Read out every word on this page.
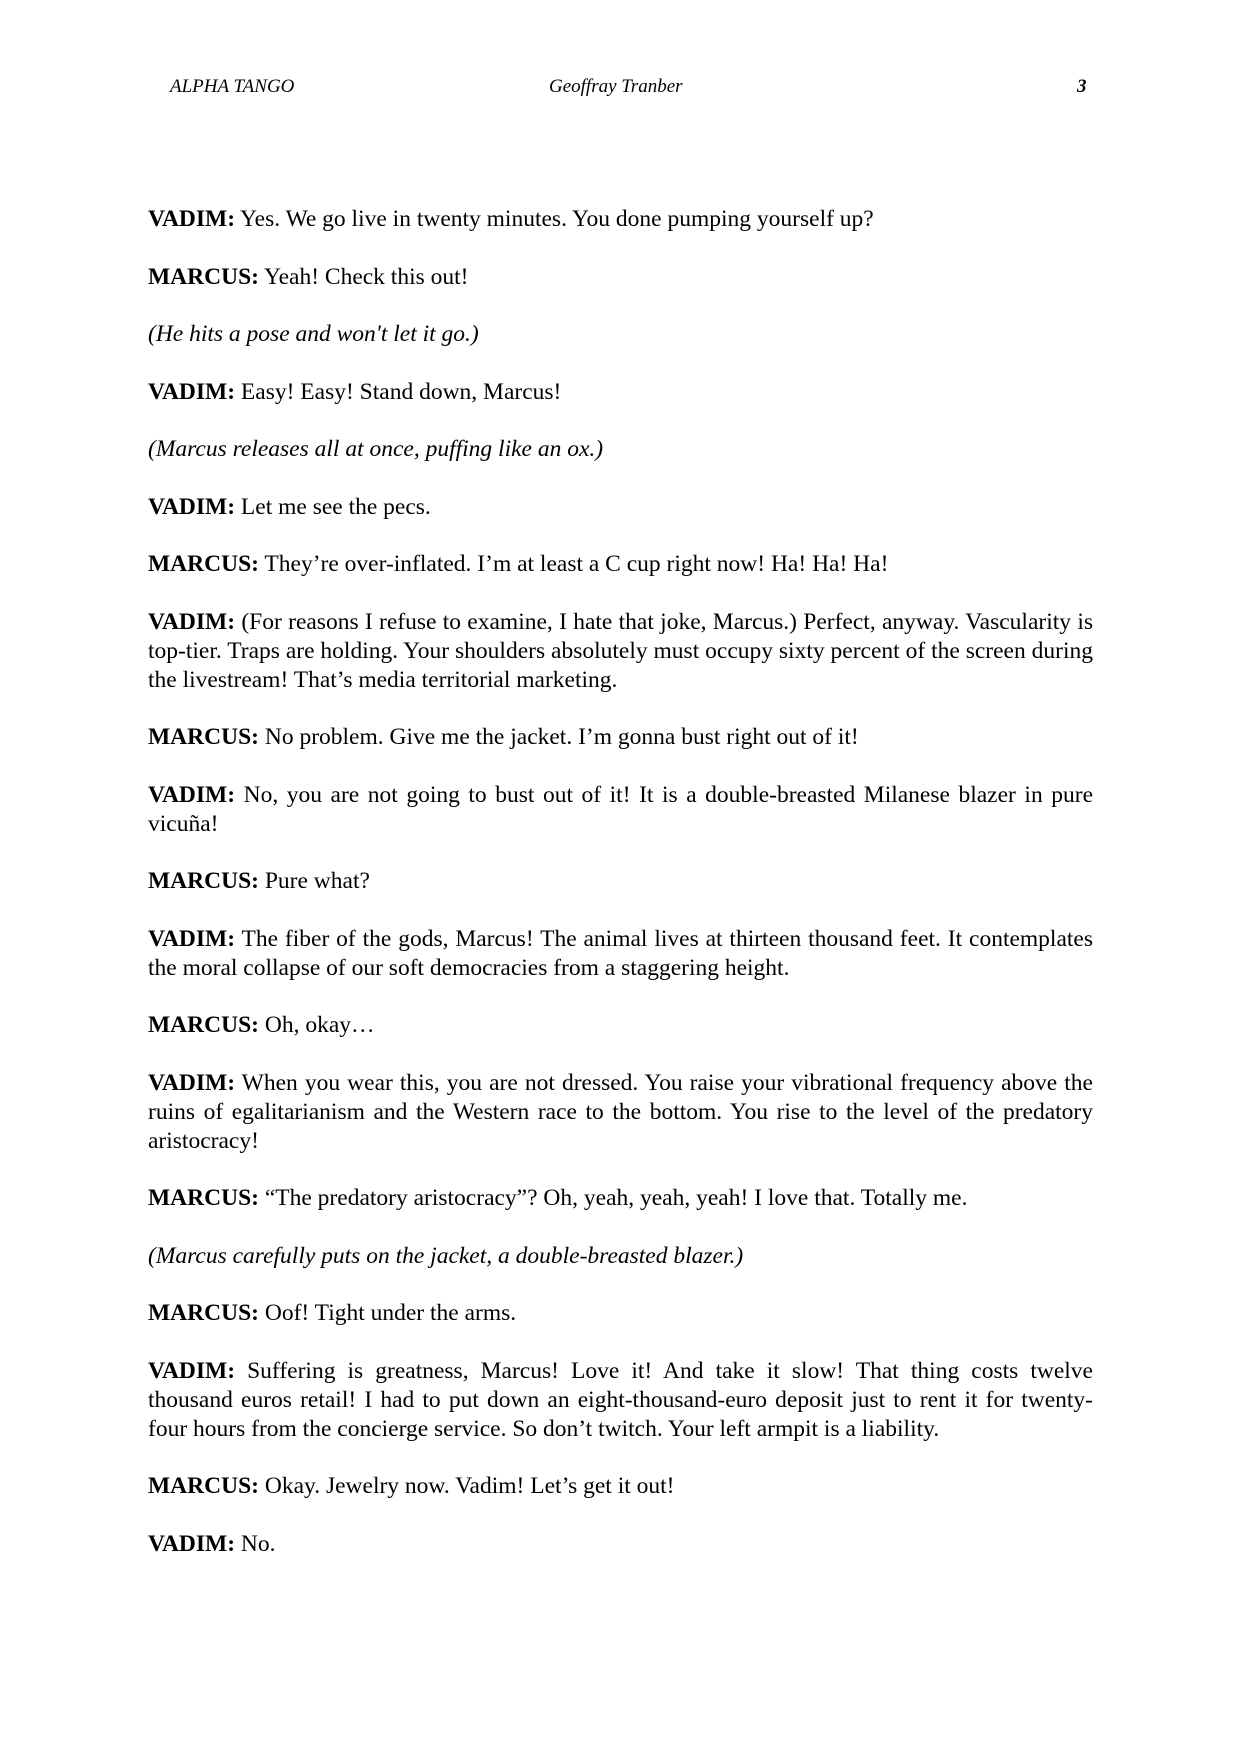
ALPHA TANGO	Geoffray Tranber	3

VADIM: Yes. We go live in twenty minutes. You done pumping yourself up?

MARCUS: Yeah! Check this out!

(He hits a pose and won't let it go.)

VADIM: Easy! Easy! Stand down, Marcus!

(Marcus releases all at once, puffing like an ox.)

VADIM: Let me see the pecs.

MARCUS: They’re over-inflated. I’m at least a C cup right now! Ha! Ha! Ha!

VADIM: (For reasons I refuse to examine, I hate that joke, Marcus.) Perfect, anyway. Vascularity is top-tier. Traps are holding. Your shoulders absolutely must occupy sixty percent of the screen during the livestream! That’s media territorial marketing.

MARCUS: No problem. Give me the jacket. I’m gonna bust right out of it!

VADIM: No, you are not going to bust out of it! It is a double-breasted Milanese blazer in pure vicuña!

MARCUS: Pure what?

VADIM: The fiber of the gods, Marcus! The animal lives at thirteen thousand feet. It contemplates the moral collapse of our soft democracies from a staggering height.

MARCUS: Oh, okay…

VADIM: When you wear this, you are not dressed. You raise your vibrational frequency above the ruins of egalitarianism and the Western race to the bottom. You rise to the level of the predatory aristocracy!

MARCUS: “The predatory aristocracy”? Oh, yeah, yeah, yeah! I love that. Totally me.

(Marcus carefully puts on the jacket, a double-breasted blazer.)

MARCUS: Oof! Tight under the arms.

VADIM: Suffering is greatness, Marcus! Love it! And take it slow! That thing costs twelve thousand euros retail! I had to put down an eight-thousand-euro deposit just to rent it for twenty-four hours from the concierge service. So don’t twitch. Your left armpit is a liability.

MARCUS: Okay. Jewelry now. Vadim! Let’s get it out!

VADIM: No.
